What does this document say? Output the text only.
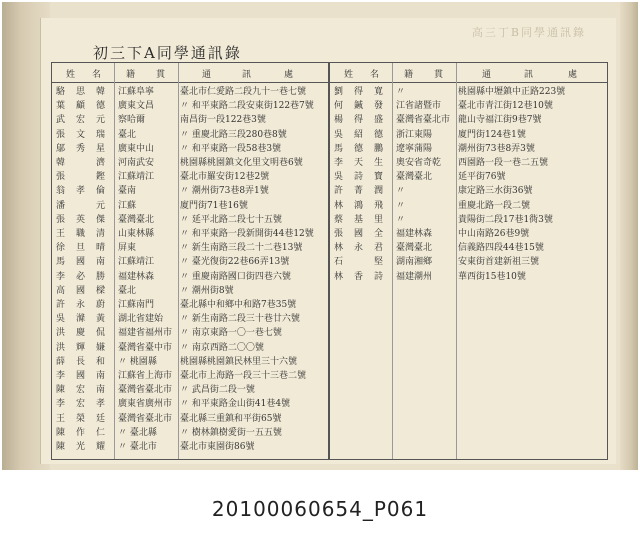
高三丁B同學通訊錄
初三下A同學通訊錄
姓 名	籍 貫	通	訊	處	姓 名	籍 貫	通	訊	處
駱 思 韓 江蘇阜寧	臺北市仁愛路二段九十一巷七號
葉 顧 德 廣東文昌	〃 和平東路二段安東街122巷7號
武 宏 元 察哈爾	南昌街一段122巷3號
張 文 瑞 臺北	〃 重慶北路三段280巷8號
鄔 秀 星 廣東中山	〃 和平東路一段58巷3號
韓	濟 河南武安	桃園縣桃園鎮文化里文明巷6號
張	鏗 江蘇靖江	臺北市羅安街12巷2號
翁 孝 倫 臺南	〃 潮州街73巷8弄1號
潘	元 江蘇	廈門街71巷16號
張 英 傑 臺灣臺北	〃 延平北路二段七十五號
王 職 清 山東林縣	〃 和平東路一段新開街44巷12號
徐 旦 晴 屏東	〃 新生南路三段二十二巷13號
馬 國 南 江蘇靖江	〃 臺光復街22巷66弄13號
李 必 勝 福建林森	〃 重慶南路國口街四巷六號
高 國 樑 臺北	〃 潮州街8號
許 永 蔚 江蘇南門	臺北縣中和鄉中和路7巷35號
吳 滌 黃 湖北省建始 〃 新生南路二段三十巷廿六號
洪 慶 侃 福建省福州市 〃 南京東路一〇一巷七號
洪 輝 嫌 臺灣省臺中市 〃 南京西路二〇〇號
薛 長 和 〃 桃園縣	桃園縣桃園鎮民林里三十六號
李 國 南 江蘇省上海市 臺北市上海路一段三十三巷二號
陳 宏 南 臺灣省臺北市 〃 武昌街二段一號
李 宏 孝 廣東省廣州市 〃 和平東路金山街41巷4號
王 榮 廷 臺灣省臺北市 臺北縣三重鎮和平街65號
陳 作 仁 〃 臺北縣	〃 樹林鎮樹愛街一五五號
陳 光 耀 〃 臺北市	臺北市東園街86號
劉 得 寬 〃	桃園縣中壢鎮中正路223號
何 鍼 發 江省諸暨市 臺北市青江街12巷10號
楊 得 盛 臺灣省臺北市 龍山寺福江街9巷7號
吳 紹 德 浙江東陽	廈門街124巷1號
馬 德 鵬 遼寧蒲陽	潮州街73巷8弄3號
李 天 生 奧安省奇乾 西園路一段一巷二五號
吳 詩 寶 臺灣臺北	延平街76號
許 菁 潤 〃	康定路三水街36號
林 鴻 飛 〃	重慶北路一段二號
蔡 基 里 〃	貴陽街二段17巷1衖3號
張 國 全 福建林森	中山南路26巷9號
林 永 君 臺灣臺北	信義路四段44巷15號
石	堅 湖南湘鄉	安東街首建新祖三號
林 香 詩 福建潮州	華西街15巷10號
20100060654_P061
